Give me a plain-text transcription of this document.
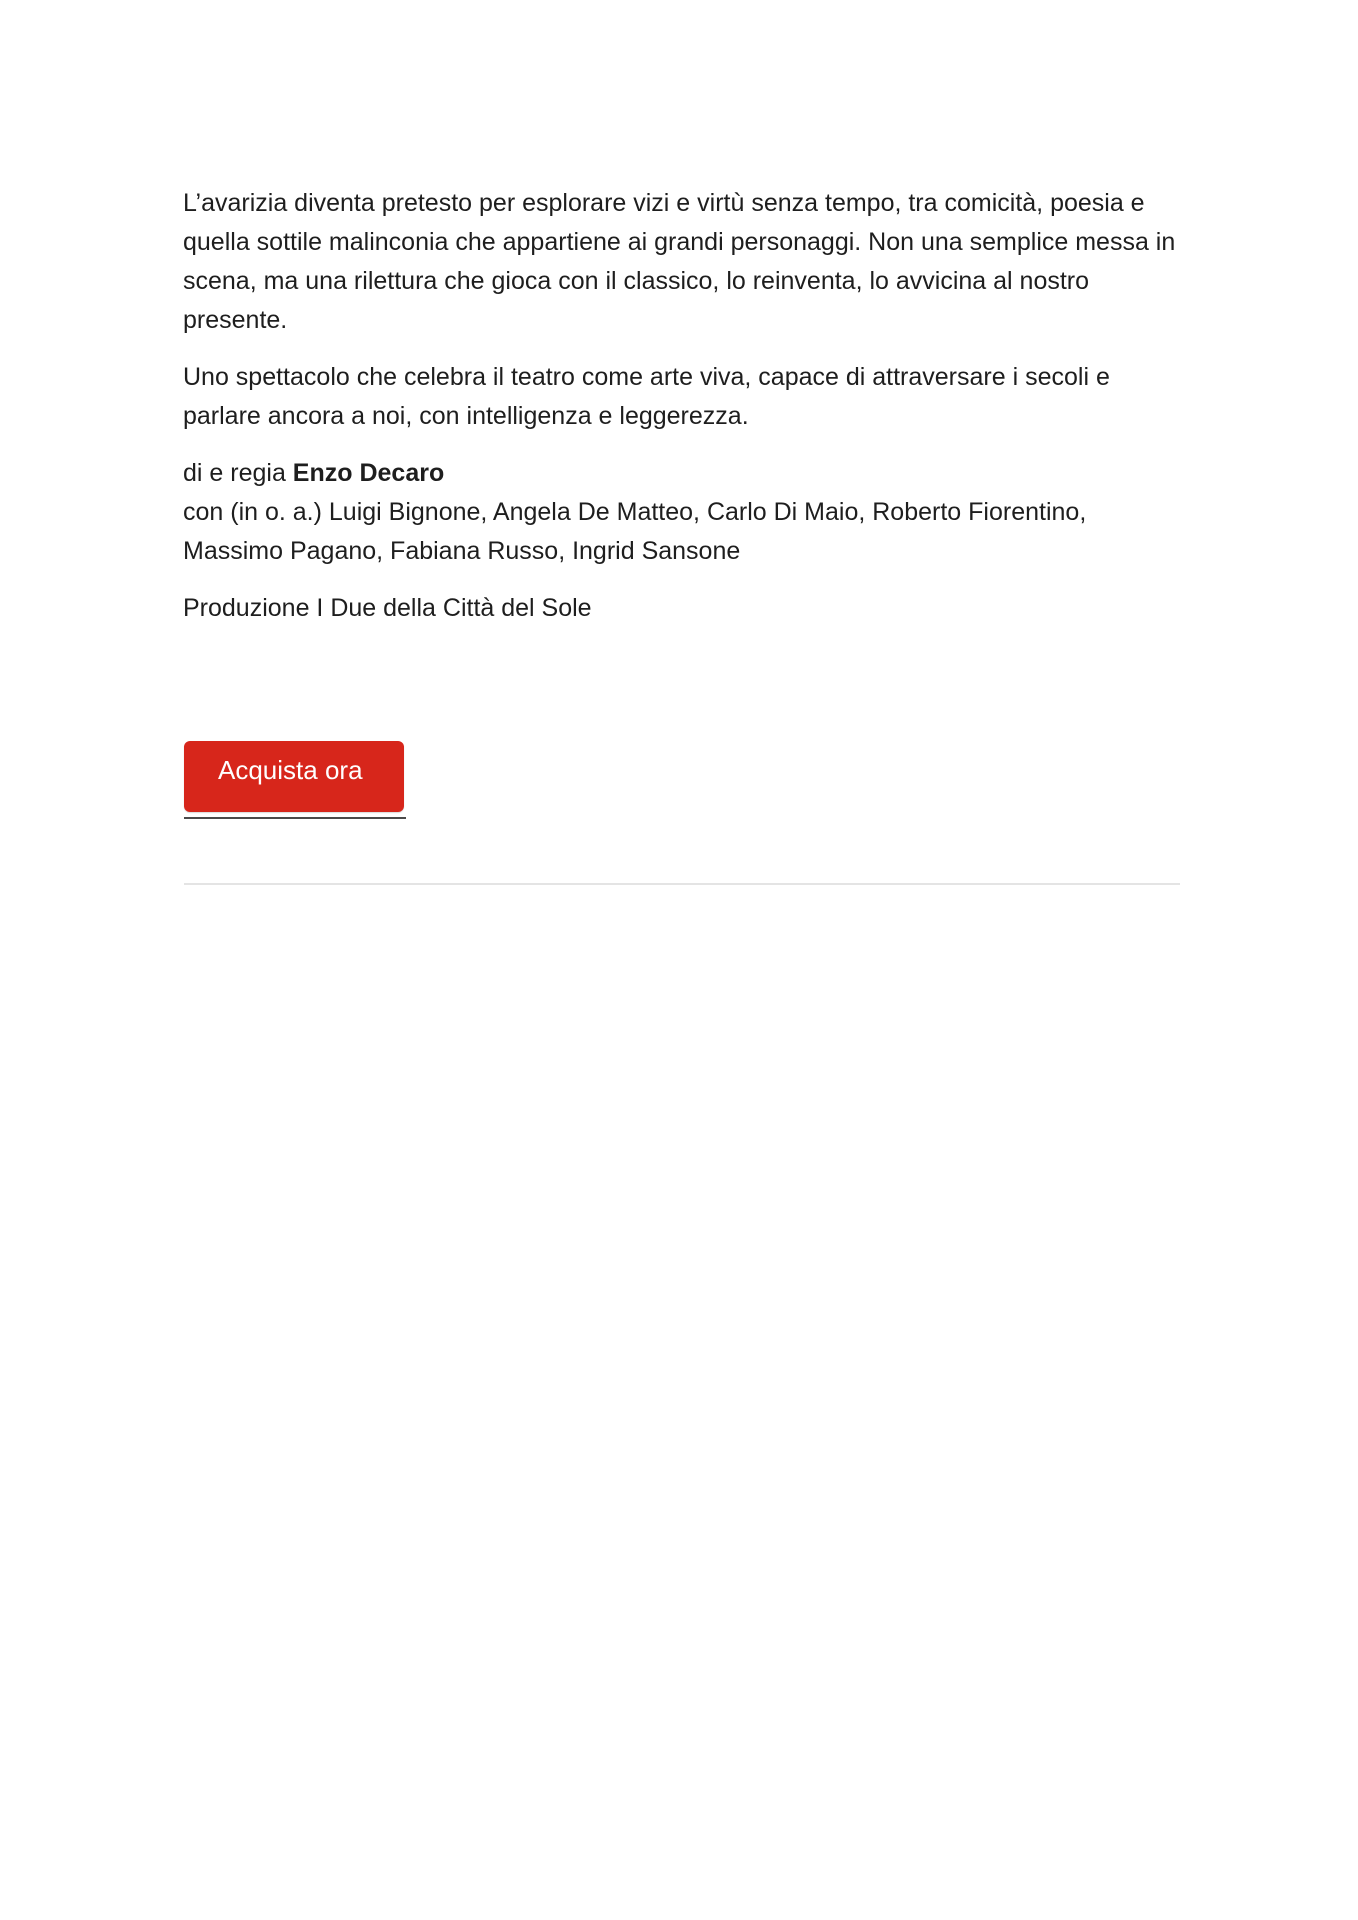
L’avarizia diventa pretesto per esplorare vizi e virtù senza tempo, tra comicità, poesia e quella sottile malinconia che appartiene ai grandi personaggi. Non una semplice messa in scena, ma una rilettura che gioca con il classico, lo reinventa, lo avvicina al nostro presente.

Uno spettacolo che celebra il teatro come arte viva, capace di attraversare i secoli e parlare ancora a noi, con intelligenza e leggerezza.

di e regia Enzo Decaro
con (in o. a.) Luigi Bignone, Angela De Matteo, Carlo Di Maio, Roberto Fiorentino, Massimo Pagano, Fabiana Russo, Ingrid Sansone

Produzione I Due della Città del Sole

Acquista ora
